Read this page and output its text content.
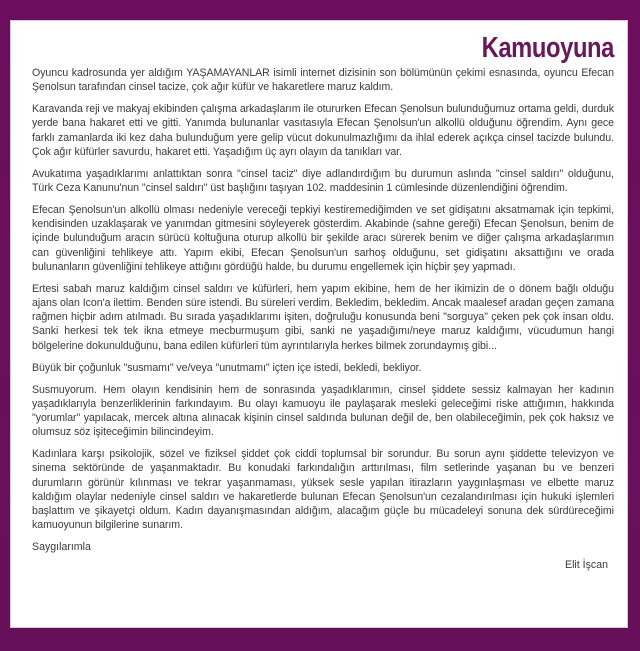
Kamuoyuna

Oyuncu kadrosunda yer aldığım YAŞAMAYANLAR isimli internet dizisinin son bölümünün çekimi esnasında, oyuncu Efecan Şenolsun tarafından cinsel tacize, çok ağır küfür ve hakaretlere maruz kaldım.

Karavanda reji ve makyaj ekibinden çalışma arkadaşlarım ile otururken Efecan Şenolsun bulunduğumuz ortama geldi, durduk yerde bana hakaret etti ve gitti. Yanımda bulunanlar vasıtasıyla Efecan Şenolsun'un alkollü olduğunu öğrendim. Aynı gece farklı zamanlarda iki kez daha bulunduğum yere gelip vücut dokunulmazlığımı da ihlal ederek açıkça cinsel tacizde bulundu. Çok ağır küfürler savurdu, hakaret etti. Yaşadığım üç ayrı olayın da tanıkları var.

Avukatıma yaşadıklarımı anlattıktan sonra "cinsel taciz" diye adlandırdığım bu durumun aslında "cinsel saldırı" olduğunu, Türk Ceza Kanunu'nun "cinsel saldırı" üst başlığını taşıyan 102. maddesinin 1 cümlesinde düzenlendiğini öğrendim.

Efecan Şenolsun'un alkollü olması nedeniyle vereceği tepkiyi kestiremediğimden ve set gidişatını aksatmamak için tepkimi, kendisinden uzaklaşarak ve yanımdan gitmesini söyleyerek gösterdim. Akabinde (sahne gereği) Efecan Şenolsun, benim de içinde bulunduğum aracın sürücü koltuğuna oturup alkollü bir şekilde aracı sürerek benim ve diğer çalışma arkadaşlarımın can güvenliğini tehlikeye attı. Yapım ekibi, Efecan Şenolsun'un sarhoş olduğunu, set gidişatını aksattığını ve orada bulunanların güvenliğini tehlikeye attığını gördüğü halde, bu durumu engellemek için hiçbir şey yapmadı.

Ertesi sabah maruz kaldığım cinsel saldırı ve küfürleri, hem yapım ekibine, hem de her ikimizin de o dönem bağlı olduğu ajans olan Icon'a ilettim. Benden süre istendi. Bu süreleri verdim. Bekledim, bekledim. Ancak maalesef aradan geçen zamana rağmen hiçbir adım atılmadı. Bu sırada yaşadıklarımı işiten, doğruluğu konusunda beni "sorguya" çeken pek çok insan oldu. Sanki herkesi tek tek ikna etmeye mecburmuşum gibi, sanki ne yaşadığımı/neye maruz kaldığımı, vücudumun hangi bölgelerine dokunulduğunu, bana edilen küfürleri tüm ayrıntılarıyla herkes bilmek zorundaymış gibi...

Büyük bir çoğunluk "susmamı" ve/veya "unutmamı" içten içe istedi, bekledi, bekliyor.

Susmuyorum. Hem olayın kendisinin hem de sonrasında yaşadıklarımın, cinsel şiddete sessiz kalmayan her kadının yaşadıklarıyla benzerliklerinin farkındayım. Bu olayı kamuoyu ile paylaşarak mesleki geleceğimi riske attığımın, hakkında "yorumlar" yapılacak, mercek altına alınacak kişinin cinsel saldırıda bulunan değil de, ben olabileceğimin, pek çok haksız ve olumsuz söz işiteceğimin bilincindeyim.

Kadınlara karşı psikolojik, sözel ve fiziksel şiddet çok ciddi toplumsal bir sorundur. Bu sorun aynı şiddette televizyon ve sinema sektöründe de yaşanmaktadır. Bu konudaki farkındalığın arttırılması, film setlerinde yaşanan bu ve benzeri durumların görünür kılınması ve tekrar yaşanmaması, yüksek sesle yapılan itirazların yaygınlaşması ve elbette maruz kaldığım olaylar nedeniyle cinsel saldırı ve hakaretlerde bulunan Efecan Şenolsun'un cezalandırılması için hukuki işlemleri başlattım ve şikayetçi oldum. Kadın dayanışmasından aldığım, alacağım güçle bu mücadeleyi sonuna dek sürdüreceğimi kamuoyunun bilgilerine sunarım.

Saygılarımla
Elit İşcan
